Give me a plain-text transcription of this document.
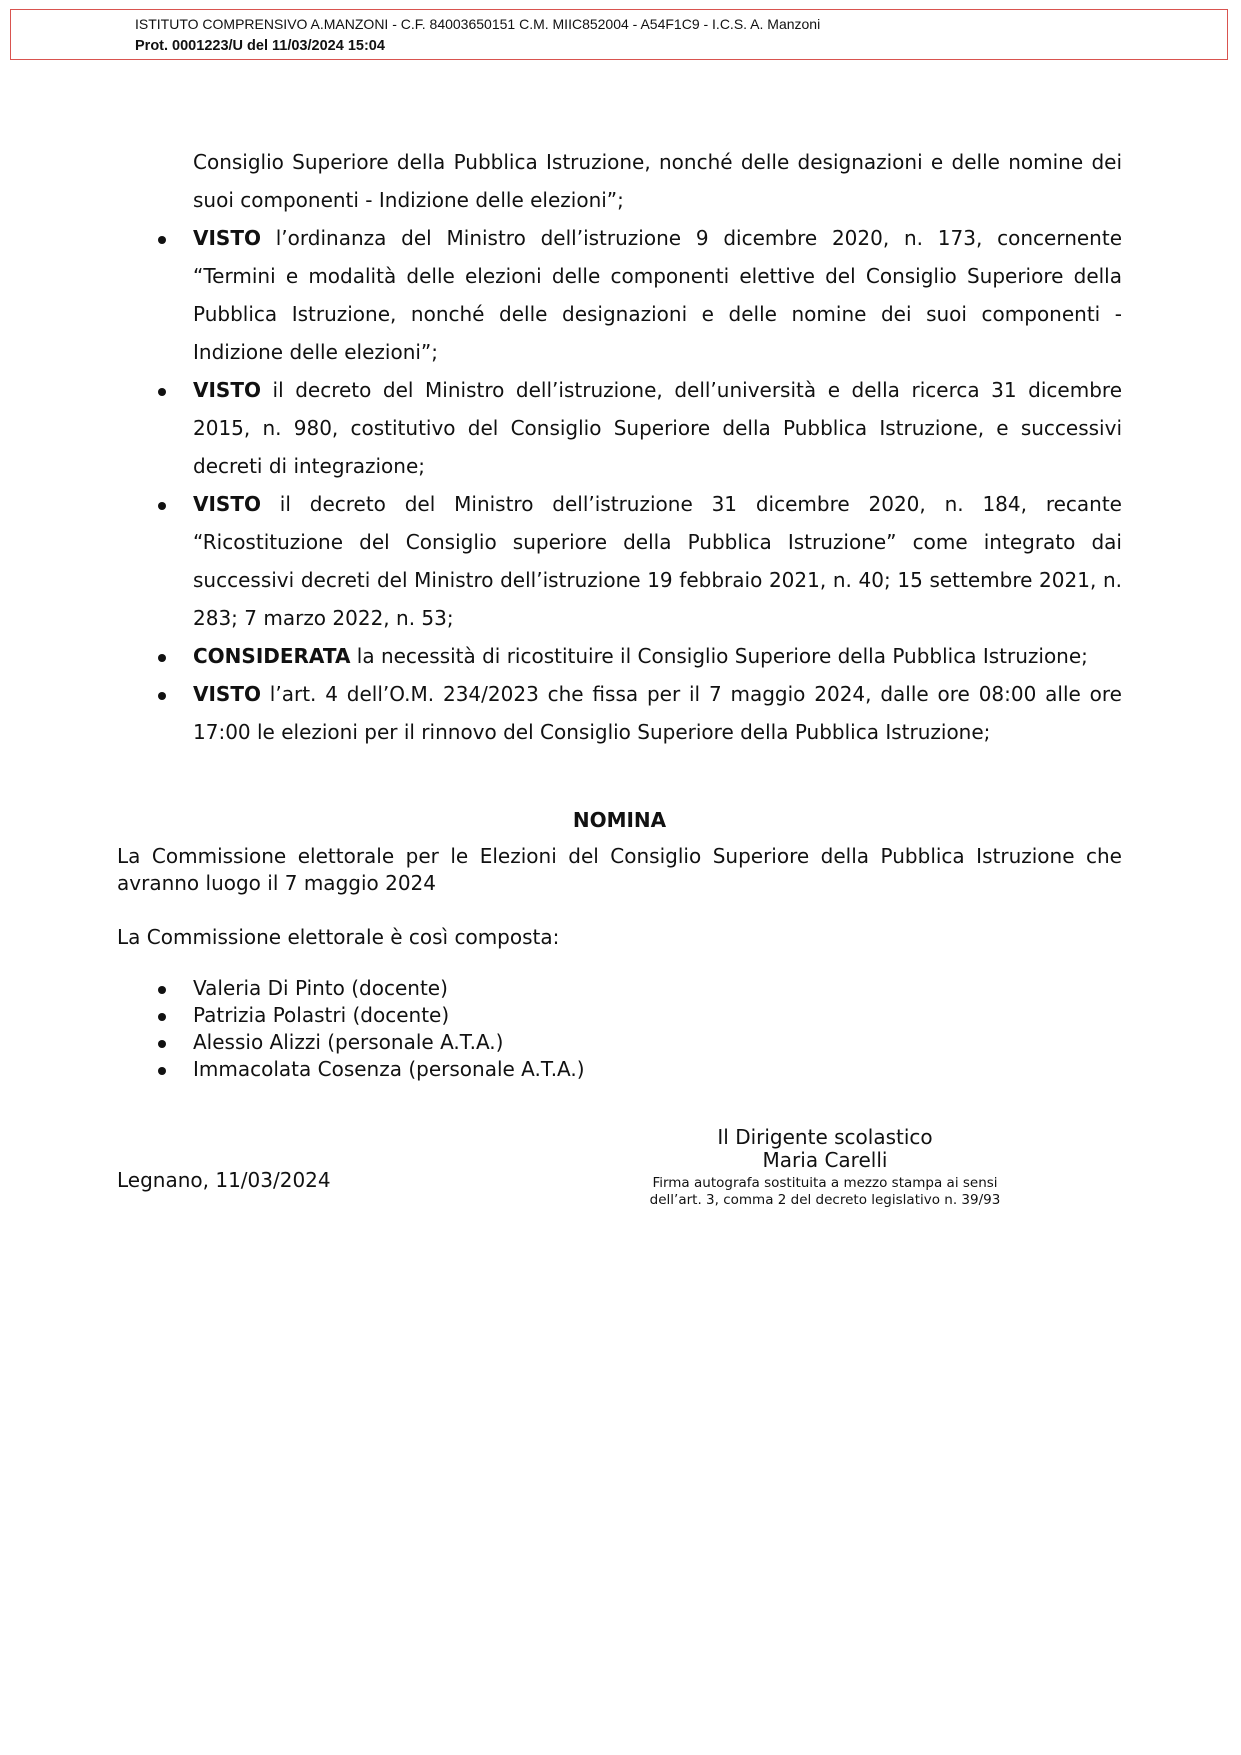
ISTITUTO COMPRENSIVO A.MANZONI - C.F. 84003650151 C.M. MIIC852004 - A54F1C9 - I.C.S. A. Manzoni
Prot. 0001223/U del 11/03/2024 15:04

Consiglio Superiore della Pubblica Istruzione, nonché delle designazioni e delle nomine dei suoi componenti - Indizione delle elezioni”;

VISTO l’ordinanza del Ministro dell’istruzione 9 dicembre 2020, n. 173, concernente “Termini e modalità delle elezioni delle componenti elettive del Consiglio Superiore della Pubblica Istruzione, nonché delle designazioni e delle nomine dei suoi componenti - Indizione delle elezioni”;
VISTO il decreto del Ministro dell’istruzione, dell’università e della ricerca 31 dicembre 2015, n. 980, costitutivo del Consiglio Superiore della Pubblica Istruzione, e successivi decreti di integrazione;
VISTO il decreto del Ministro dell’istruzione 31 dicembre 2020, n. 184, recante “Ricostituzione del Consiglio superiore della Pubblica Istruzione” come integrato dai successivi decreti del Ministro dell’istruzione 19 febbraio 2021, n. 40; 15 settembre 2021, n. 283; 7 marzo 2022, n. 53;
CONSIDERATA la necessità di ricostituire il Consiglio Superiore della Pubblica Istruzione;
VISTO l’art. 4 dell’O.M. 234/2023 che fissa per il 7 maggio 2024, dalle ore 08:00 alle ore 17:00 le elezioni per il rinnovo del Consiglio Superiore della Pubblica Istruzione;
NOMINA

La Commissione elettorale per le Elezioni del Consiglio Superiore della Pubblica Istruzione che avranno luogo il 7 maggio 2024

La Commissione elettorale è così composta:

Valeria Di Pinto (docente)
Patrizia Polastri (docente)
Alessio Alizzi (personale A.T.A.)
Immacolata Cosenza (personale A.T.A.)
Legnano, 11/03/2024
Il Dirigente scolastico
Maria Carelli
Firma autografa sostituita a mezzo stampa ai sensi
dell’art. 3, comma 2 del decreto legislativo n. 39/93
